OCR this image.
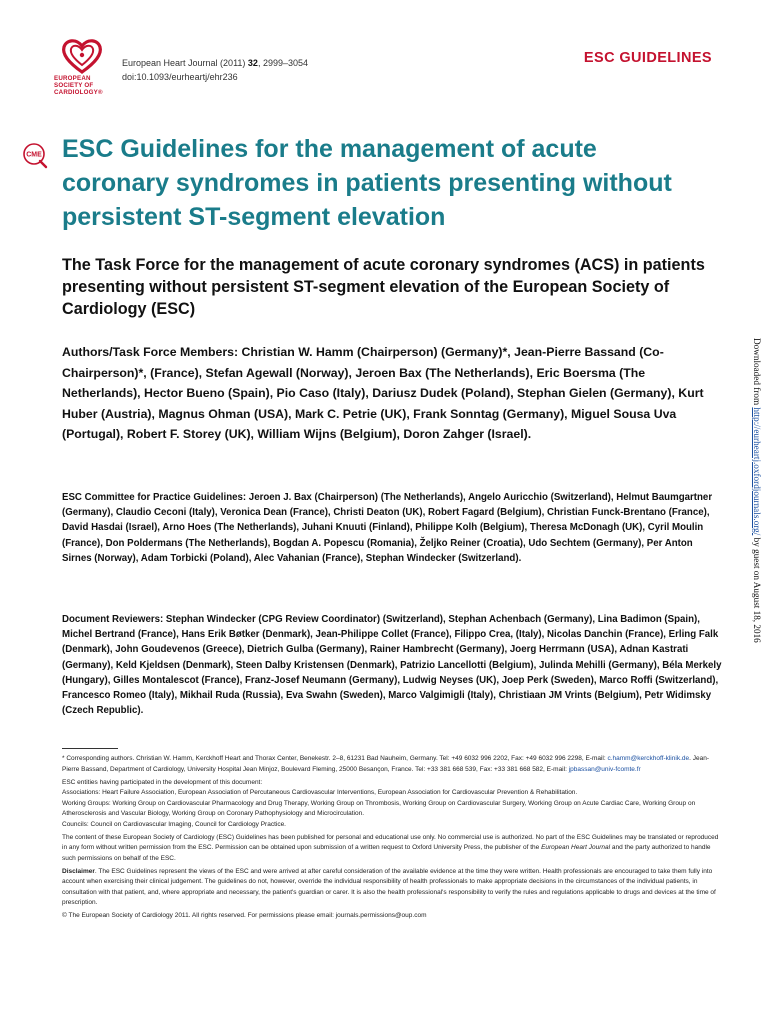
EUROPEAN
SOCIETY OF
CARDIOLOGY®
European Heart Journal (2011) 32, 2999–3054
doi:10.1093/eurheartj/ehr236
ESC GUIDELINES
CME ESC Guidelines for the management of acute coronary syndromes in patients presenting without persistent ST-segment elevation
The Task Force for the management of acute coronary syndromes (ACS) in patients presenting without persistent ST-segment elevation of the European Society of Cardiology (ESC)

Authors/Task Force Members: Christian W. Hamm (Chairperson) (Germany)*, Jean-Pierre Bassand (Co-Chairperson)*, (France), Stefan Agewall (Norway), Jeroen Bax (The Netherlands), Eric Boersma (The Netherlands), Hector Bueno (Spain), Pio Caso (Italy), Dariusz Dudek (Poland), Stephan Gielen (Germany), Kurt Huber (Austria), Magnus Ohman (USA), Mark C. Petrie (UK), Frank Sonntag (Germany), Miguel Sousa Uva (Portugal), Robert F. Storey (UK), William Wijns (Belgium), Doron Zahger (Israel).

ESC Committee for Practice Guidelines: Jeroen J. Bax (Chairperson) (The Netherlands), Angelo Auricchio (Switzerland), Helmut Baumgartner (Germany), Claudio Ceconi (Italy), Veronica Dean (France), Christi Deaton (UK), Robert Fagard (Belgium), Christian Funck-Brentano (France), David Hasdai (Israel), Arno Hoes (The Netherlands), Juhani Knuuti (Finland), Philippe Kolh (Belgium), Theresa McDonagh (UK), Cyril Moulin (France), Don Poldermans (The Netherlands), Bogdan A. Popescu (Romania), Željko Reiner (Croatia), Udo Sechtem (Germany), Per Anton Sirnes (Norway), Adam Torbicki (Poland), Alec Vahanian (France), Stephan Windecker (Switzerland).

Document Reviewers: Stephan Windecker (CPG Review Coordinator) (Switzerland), Stephan Achenbach (Germany), Lina Badimon (Spain), Michel Bertrand (France), Hans Erik Bøtker (Denmark), Jean-Philippe Collet (France), Filippo Crea, (Italy), Nicolas Danchin (France), Erling Falk (Denmark), John Goudevenos (Greece), Dietrich Gulba (Germany), Rainer Hambrecht (Germany), Joerg Herrmann (USA), Adnan Kastrati (Germany), Keld Kjeldsen (Denmark), Steen Dalby Kristensen (Denmark), Patrizio Lancellotti (Belgium), Julinda Mehilli (Germany), Béla Merkely (Hungary), Gilles Montalescot (France), Franz-Josef Neumann (Germany), Ludwig Neyses (UK), Joep Perk (Sweden), Marco Roffi (Switzerland), Francesco Romeo (Italy), Mikhail Ruda (Russia), Eva Swahn (Sweden), Marco Valgimigli (Italy), Christiaan JM Vrints (Belgium), Petr Widimsky (Czech Republic).

* Corresponding authors. Christian W. Hamm, Kerckhoff Heart and Thorax Center, Benekestr. 2–8, 61231 Bad Nauheim, Germany. Tel: +49 6032 996 2202, Fax: +49 6032 996 2298, E-mail: c.hamm@kerckhoff-klinik.de. Jean-Pierre Bassand, Department of Cardiology, University Hospital Jean Minjoz, Boulevard Fleming, 25000 Besançon, France. Tel: +33 381 668 539, Fax: +33 381 668 582, E-mail: jpbassan@univ-fcomte.fr

ESC entities having participated in the development of this document:
Associations: Heart Failure Association, European Association of Percutaneous Cardiovascular Interventions, European Association for Cardiovascular Prevention & Rehabilitation.
Working Groups: Working Group on Cardiovascular Pharmacology and Drug Therapy, Working Group on Thrombosis, Working Group on Cardiovascular Surgery, Working Group on Acute Cardiac Care, Working Group on Atherosclerosis and Vascular Biology, Working Group on Coronary Pathophysiology and Microcirculation.
Councils: Council on Cardiovascular Imaging, Council for Cardiology Practice.

The content of these European Society of Cardiology (ESC) Guidelines has been published for personal and educational use only. No commercial use is authorized. No part of the ESC Guidelines may be translated or reproduced in any form without written permission from the ESC. Permission can be obtained upon submission of a written request to Oxford University Press, the publisher of the European Heart Journal and the party authorized to handle such permissions on behalf of the ESC.

Disclaimer. The ESC Guidelines represent the views of the ESC and were arrived at after careful consideration of the available evidence at the time they were written. Health professionals are encouraged to take them fully into account when exercising their clinical judgement. The guidelines do not, however, override the individual responsibility of health professionals to make appropriate decisions in the circumstances of the individual patients, in consultation with that patient, and, where appropriate and necessary, the patient's guardian or carer. It is also the health professional's responsibility to verify the rules and regulations applicable to drugs and devices at the time of prescription.

© The European Society of Cardiology 2011. All rights reserved. For permissions please email: journals.permissions@oup.com

Downloaded from http://eurheartj.oxfordjournals.org/ by guest on August 18, 2016
